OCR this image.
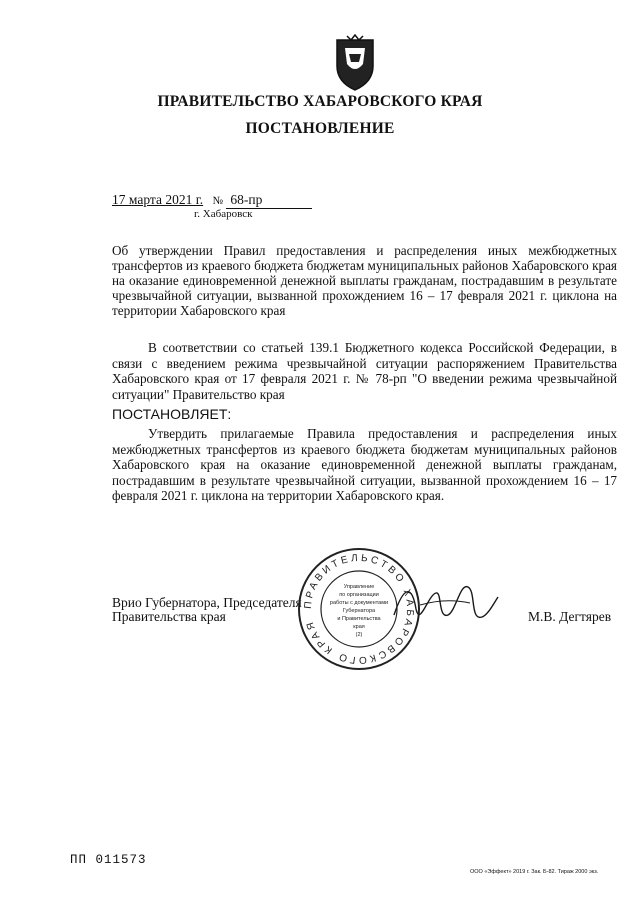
ПРАВИТЕЛЬСТВО ХАБАРОВСКОГО КРАЯ
ПОСТАНОВЛЕНИЕ
17 марта 2021 г. № 68-пр
г. Хабаровск
Об утверждении Правил предоставления и распределения иных межбюджетных трансфертов из краевого бюджета бюджетам муниципальных районов Хабаровского края на оказание единовременной денежной выплаты гражданам, пострадавшим в результате чрезвычайной ситуации, вызванной прохождением 16 – 17 февраля 2021 г. циклона на территории Хабаровского края
В соответствии со статьей 139.1 Бюджетного кодекса Российской Федерации, в связи с введением режима чрезвычайной ситуации распоряжением Правительства Хабаровского края от 17 февраля 2021 г. № 78-рп "О введении режима чрезвычайной ситуации" Правительство края
ПОСТАНОВЛЯЕТ:
Утвердить прилагаемые Правила предоставления и распределения иных межбюджетных трансфертов из краевого бюджета бюджетам муниципальных районов Хабаровского края на оказание единовременной денежной выплаты гражданам, пострадавшим в результате чрезвычайной ситуации, вызванной прохождением 16 – 17 февраля 2021 г. циклона на территории Хабаровского края.
ПРАВИТЕЛЬСТВО ХАБАРОВСКОГО КРАЯ
Управление
по организации
работы с документами
Губернатора
и Правительства
края
(2)
Врио Губернатора, Председателя
Правительства края	М.В. Дегтярев
ПП 011573
ООО «Эффект» 2019 г. Зак. Б-82. Тираж 2000 экз.
